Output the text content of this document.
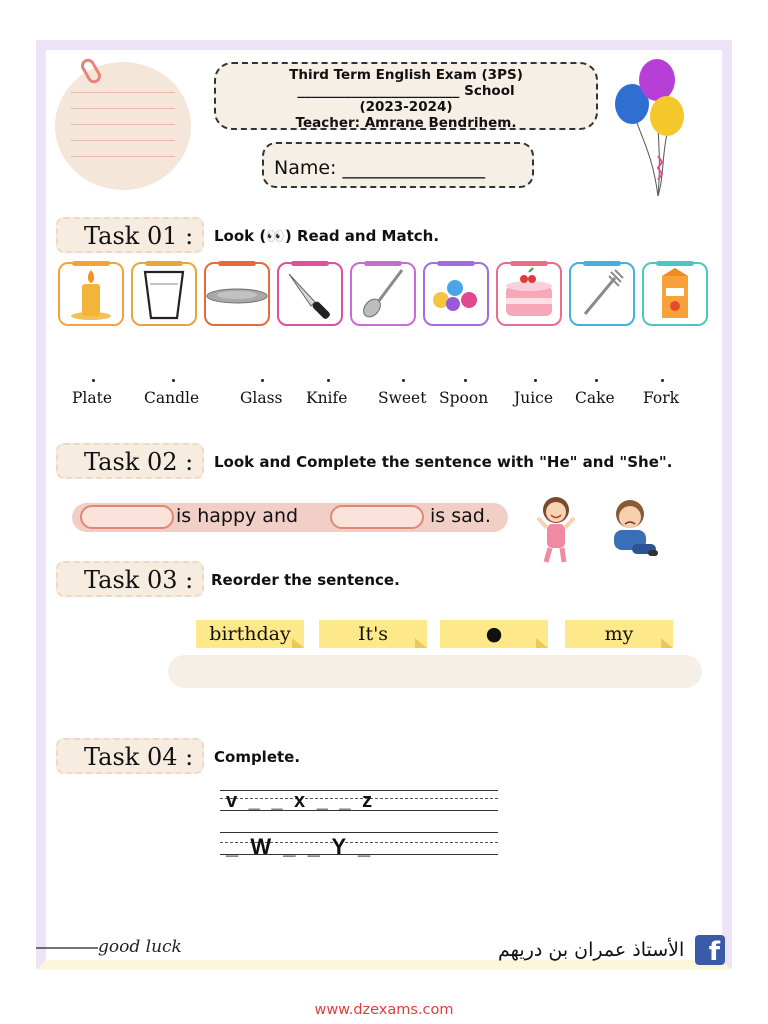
Third Term English Exam (3PS)
________________________ School
(2023-2024)
Teacher: Amrane Bendrihem.
Name: _______________
Task 01 :	Look (👀) Read and Match.
Plate Candle	Glass Knife Sweet Spoon Juice Cake Fork
Task 02 :	Look and Complete the sentence with "He" and "She".
is happy and	is sad.
Task 03 :	Reorder the sentence.
birthday	It's	●	my
Task 04 :	Complete.
v _ _ x _ _ z
_ W _ _ Y _
good luck	الأستاذ عمران بن دريهم f
www.dzexams.com
